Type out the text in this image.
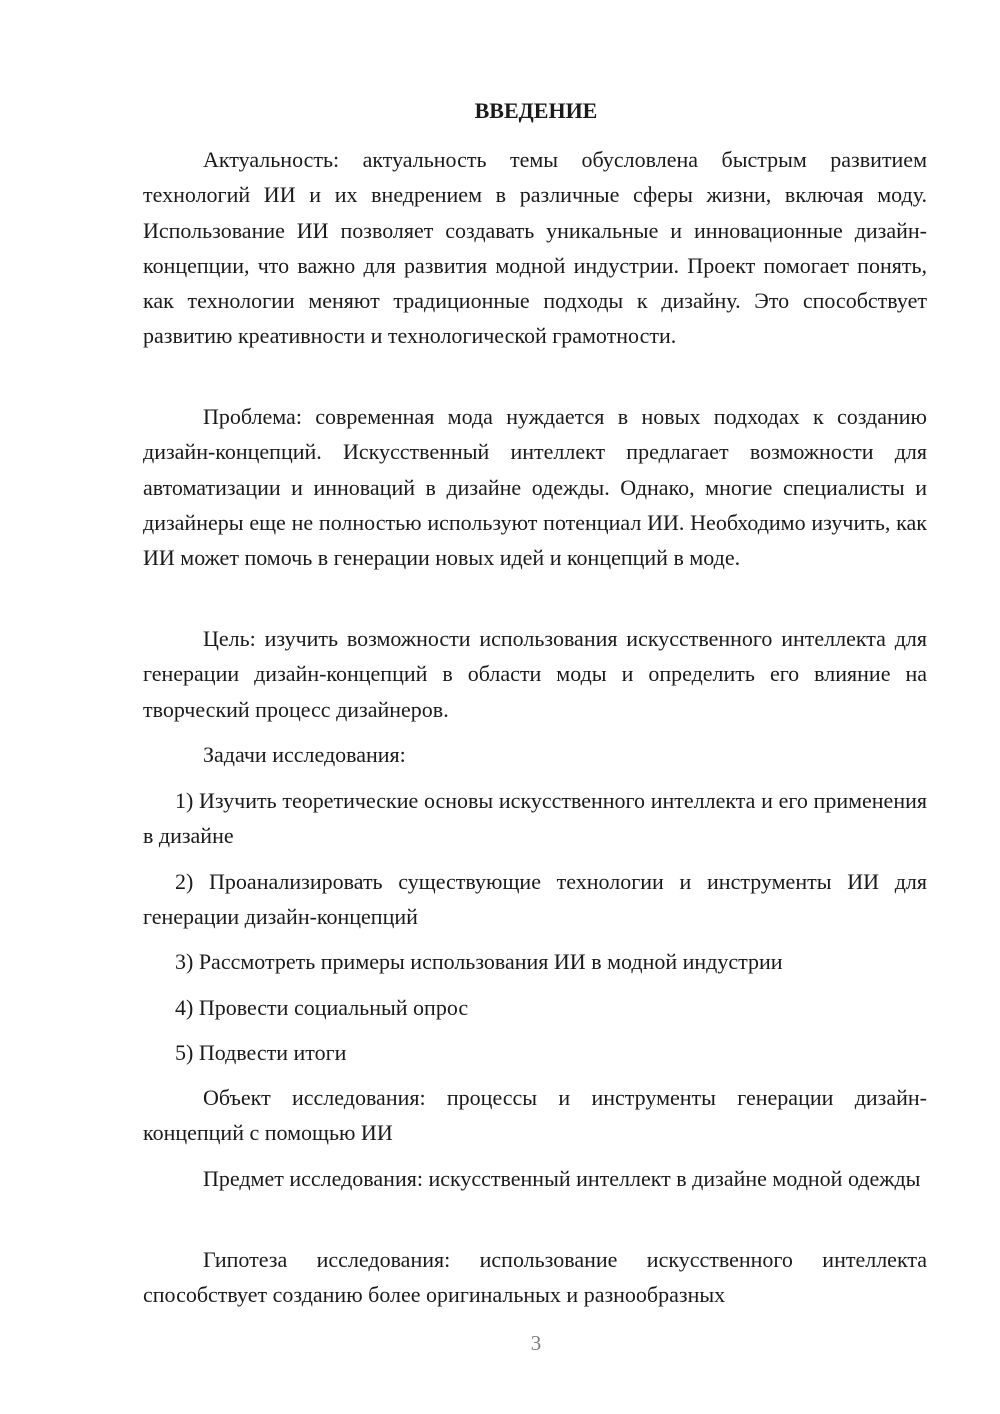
ВВЕДЕНИЕ

Актуальность: актуальность темы обусловлена быстрым развитием технологий ИИ и их внедрением в различные сферы жизни, включая моду. Использование ИИ позволяет создавать уникальные и инновационные дизайн-концепции, что важно для развития модной индустрии. Проект помогает понять, как технологии меняют традиционные подходы к дизайну. Это способствует развитию креативности и технологической грамотности.

Проблема: современная мода нуждается в новых подходах к созданию дизайн-концепций. Искусственный интеллект предлагает возможности для автоматизации и инноваций в дизайне одежды. Однако, многие специалисты и дизайнеры еще не полностью используют потенциал ИИ. Необходимо изучить, как ИИ может помочь в генерации новых идей и концепций в моде.

Цель: изучить возможности использования искусственного интеллекта для генерации дизайн-концепций в области моды и определить его влияние на творческий процесс дизайнеров.

Задачи исследования:

1) Изучить теоретические основы искусственного интеллекта и его применения в дизайне

2) Проанализировать существующие технологии и инструменты ИИ для генерации дизайн-концепций

3) Рассмотреть примеры использования ИИ в модной индустрии

4) Провести социальный опрос

5) Подвести итоги

Объект исследования: процессы и инструменты генерации дизайн-концепций с помощью ИИ

Предмет исследования: искусственный интеллект в дизайне модной одежды

Гипотеза исследования: использование искусственного интеллекта способствует созданию более оригинальных и разнообразных

3
